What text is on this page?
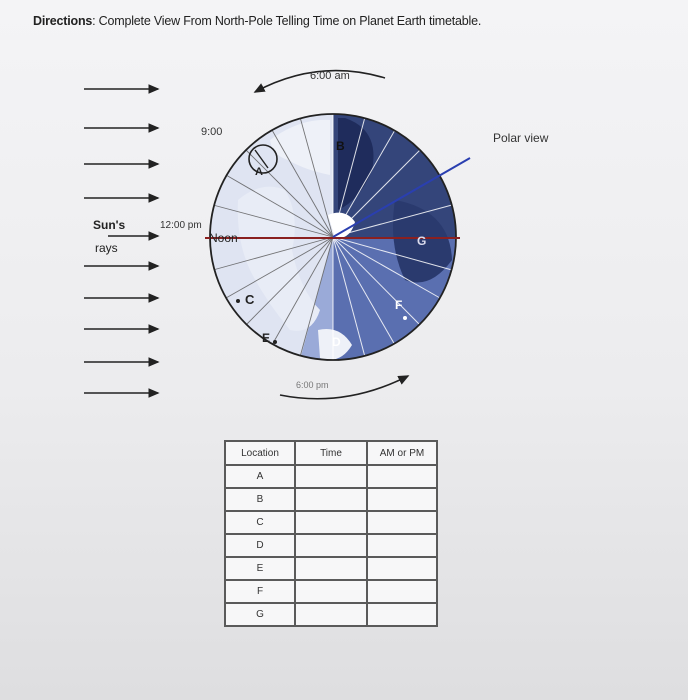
Directions: Complete View From North-Pole Telling Time on Planet Earth timetable.
A
B
C
D
E
F
G
6:00 am
9:00
12:00 pm
Noon
6:00 pm
Polar view
Sun's
rays
Location	Time	AM or PM
A		
B		
C		
D		
E		
F		
G		
